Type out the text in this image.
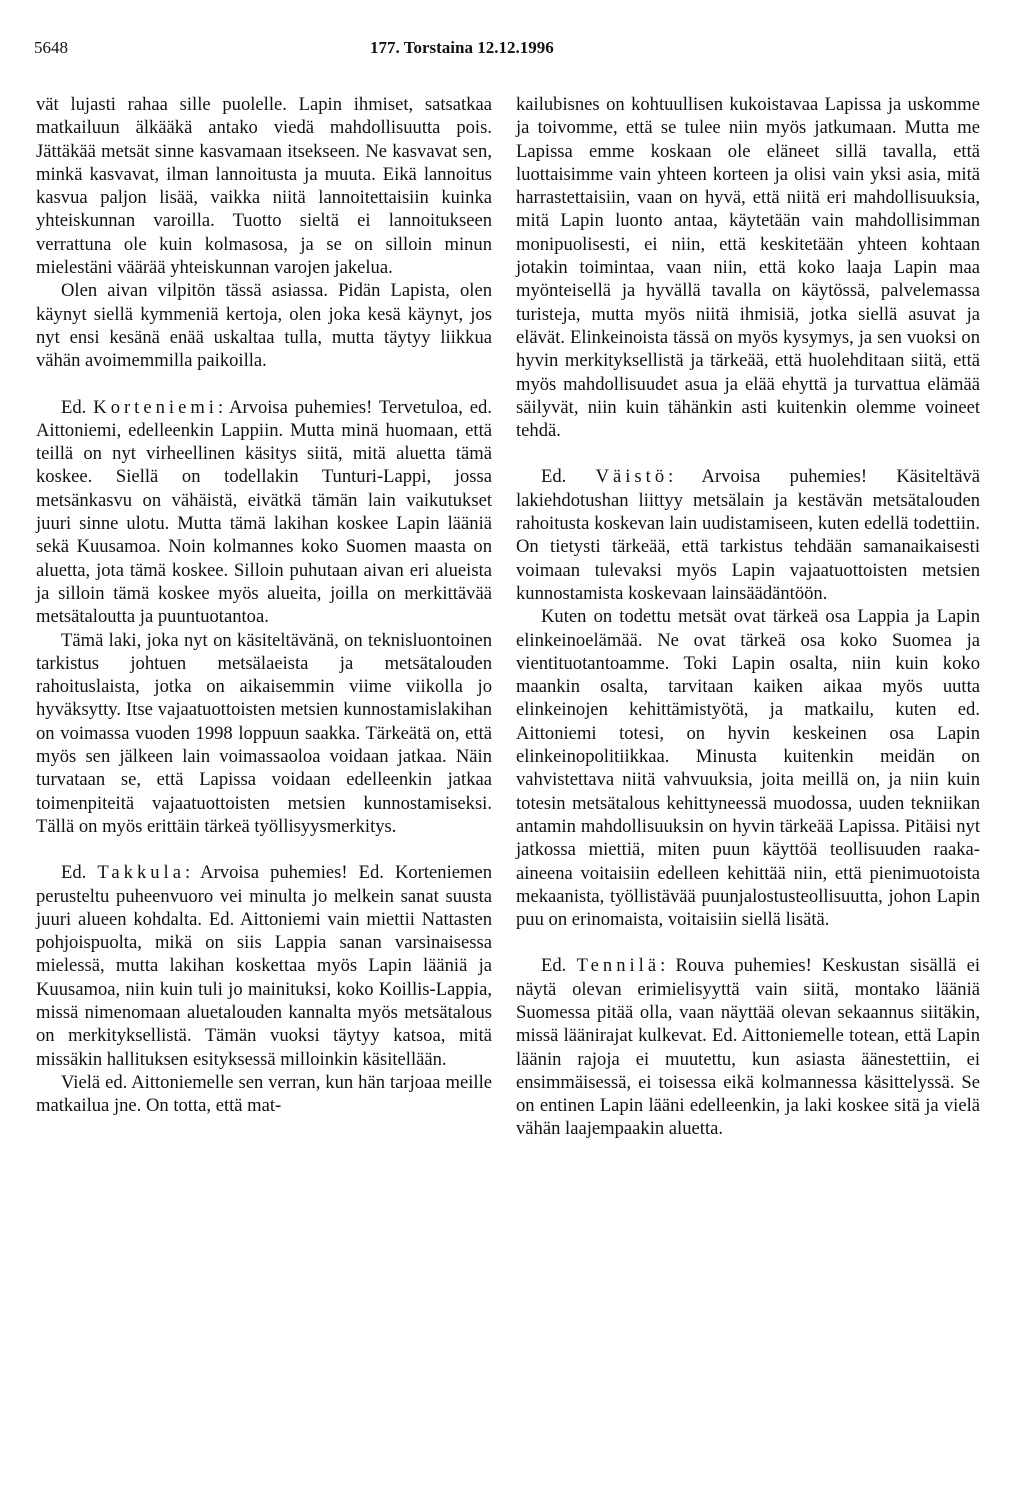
5648	177. Torstaina 12.12.1996

vät lujasti rahaa sille puolelle. Lapin ihmiset, satsatkaa matkailuun älkääkä antako viedä mahdollisuutta pois. Jättäkää metsät sinne kasvamaan itsekseen. Ne kasvavat sen, minkä kasvavat, ilman lannoitusta ja muuta. Eikä lannoitus kasvua paljon lisää, vaikka niitä lannoitettaisiin kuinka yhteiskunnan varoilla. Tuotto sieltä ei lannoitukseen verrattuna ole kuin kolmasosa, ja se on silloin minun mielestäni väärää yhteiskunnan varojen jakelua.

Olen aivan vilpitön tässä asiassa. Pidän Lapista, olen käynyt siellä kymmeniä kertoja, olen joka kesä käynyt, jos nyt ensi kesänä enää uskaltaa tulla, mutta täytyy liikkua vähän avoimemmilla paikoilla.

Ed. Korteniemi: Arvoisa puhemies! Tervetuloa, ed. Aittoniemi, edelleenkin Lappiin. Mutta minä huomaan, että teillä on nyt virheellinen käsitys siitä, mitä aluetta tämä koskee. Siellä on todellakin Tunturi-Lappi, jossa metsänkasvu on vähäistä, eivätkä tämän lain vaikutukset juuri sinne ulotu. Mutta tämä lakihan koskee Lapin lääniä sekä Kuusamoa. Noin kolmannes koko Suomen maasta on aluetta, jota tämä koskee. Silloin puhutaan aivan eri alueista ja silloin tämä koskee myös alueita, joilla on merkittävää metsätaloutta ja puuntuotantoa.

Tämä laki, joka nyt on käsiteltävänä, on teknisluontoinen tarkistus johtuen metsälaeista ja metsätalouden rahoituslaista, jotka on aikaisemmin viime viikolla jo hyväksytty. Itse vajaatuottoisten metsien kunnostamislakihan on voimassa vuoden 1998 loppuun saakka. Tärkeätä on, että myös sen jälkeen lain voimassaoloa voidaan jatkaa. Näin turvataan se, että Lapissa voidaan edelleenkin jatkaa toimenpiteitä vajaatuottoisten metsien kunnostamiseksi. Tällä on myös erittäin tärkeä työllisyysmerkitys.

Ed. Takkula: Arvoisa puhemies! Ed. Korteniemen perusteltu puheenvuoro vei minulta jo melkein sanat suusta juuri alueen kohdalta. Ed. Aittoniemi vain miettii Nattasten pohjoispuolta, mikä on siis Lappia sanan varsinaisessa mielessä, mutta lakihan koskettaa myös Lapin lääniä ja Kuusamoa, niin kuin tuli jo mainituksi, koko Koillis-Lappia, missä nimenomaan aluetalouden kannalta myös metsätalous on merkityksellistä. Tämän vuoksi täytyy katsoa, mitä missäkin hallituksen esityksessä milloinkin käsitellään.

Vielä ed. Aittoniemelle sen verran, kun hän tarjoaa meille matkailua jne. On totta, että mat-

kailubisnes on kohtuullisen kukoistavaa Lapissa ja uskomme ja toivomme, että se tulee niin myös jatkumaan. Mutta me Lapissa emme koskaan ole eläneet sillä tavalla, että luottaisimme vain yhteen korteen ja olisi vain yksi asia, mitä harrastettaisiin, vaan on hyvä, että niitä eri mahdollisuuksia, mitä Lapin luonto antaa, käytetään vain mahdollisimman monipuolisesti, ei niin, että keskitetään yhteen kohtaan jotakin toimintaa, vaan niin, että koko laaja Lapin maa myönteisellä ja hyvällä tavalla on käytössä, palvelemassa turisteja, mutta myös niitä ihmisiä, jotka siellä asuvat ja elävät. Elinkeinoista tässä on myös kysymys, ja sen vuoksi on hyvin merkityksellistä ja tärkeää, että huolehditaan siitä, että myös mahdollisuudet asua ja elää ehyttä ja turvattua elämää säilyvät, niin kuin tähänkin asti kuitenkin olemme voineet tehdä.

Ed. Väistö: Arvoisa puhemies! Käsiteltävä lakiehdotushan liittyy metsälain ja kestävän metsätalouden rahoitusta koskevan lain uudistamiseen, kuten edellä todettiin. On tietysti tärkeää, että tarkistus tehdään samanaikaisesti voimaan tulevaksi myös Lapin vajaatuottoisten metsien kunnostamista koskevaan lainsäädäntöön.

Kuten on todettu metsät ovat tärkeä osa Lappia ja Lapin elinkeinoelämää. Ne ovat tärkeä osa koko Suomea ja vientituotantoamme. Toki Lapin osalta, niin kuin koko maankin osalta, tarvitaan kaiken aikaa myös uutta elinkeinojen kehittämistyötä, ja matkailu, kuten ed. Aittoniemi totesi, on hyvin keskeinen osa Lapin elinkeinopolitiikkaa. Minusta kuitenkin meidän on vahvistettava niitä vahvuuksia, joita meillä on, ja niin kuin totesin metsätalous kehittyneessä muodossa, uuden tekniikan antamin mahdollisuuksin on hyvin tärkeää Lapissa. Pitäisi nyt jatkossa miettiä, miten puun käyttöä teollisuuden raaka-aineena voitaisiin edelleen kehittää niin, että pienimuotoista mekaanista, työllistävää puunjalostusteollisuutta, johon Lapin puu on erinomaista, voitaisiin siellä lisätä.

Ed. Tennilä: Rouva puhemies! Keskustan sisällä ei näytä olevan erimielisyyttä vain siitä, montako lääniä Suomessa pitää olla, vaan näyttää olevan sekaannus siitäkin, missä läänirajat kulkevat. Ed. Aittoniemelle totean, että Lapin läänin rajoja ei muutettu, kun asiasta äänestettiin, ei ensimmäisessä, ei toisessa eikä kolmannessa käsittelyssä. Se on entinen Lapin lääni edelleenkin, ja laki koskee sitä ja vielä vähän laajempaakin aluetta.
